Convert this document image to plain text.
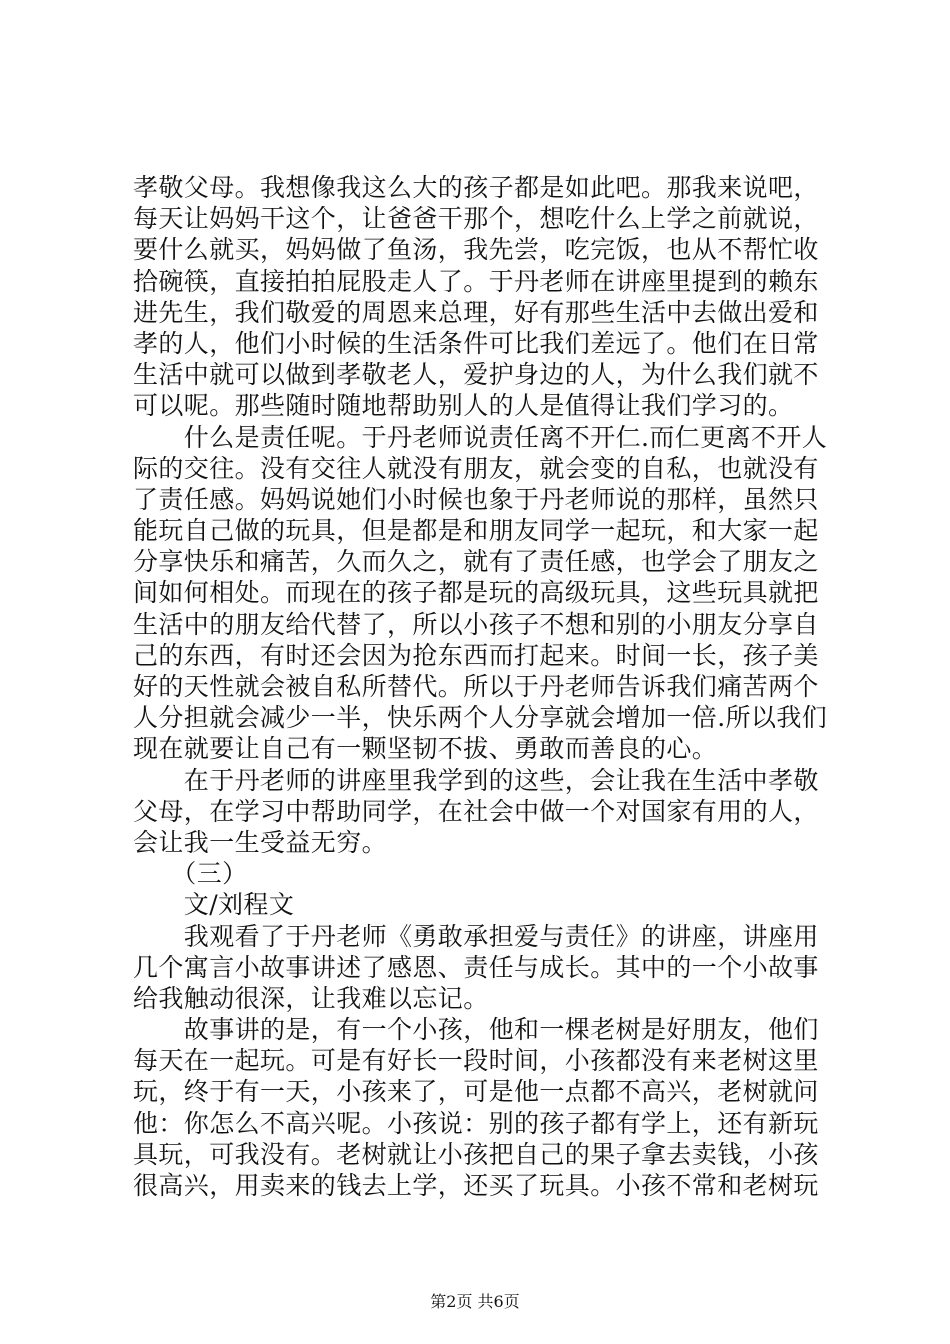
孝敬父母。我想像我这么大的孩子都是如此吧。那我来说吧，
每天让妈妈干这个，让爸爸干那个，想吃什么上学之前就说，
要什么就买，妈妈做了鱼汤，我先尝，吃完饭，也从不帮忙收
拾碗筷，直接拍拍屁股走人了。于丹老师在讲座里提到的赖东
进先生，我们敬爱的周恩来总理，好有那些生活中去做出爱和
孝的人，他们小时候的生活条件可比我们差远了。他们在日常
生活中就可以做到孝敬老人，爱护身边的人，为什么我们就不
可以呢。那些随时随地帮助别人的人是值得让我们学习的。
　　什么是责任呢。于丹老师说责任离不开仁.而仁更离不开人
际的交往。没有交往人就没有朋友，就会变的自私，也就没有
了责任感。妈妈说她们小时候也象于丹老师说的那样，虽然只
能玩自己做的玩具，但是都是和朋友同学一起玩，和大家一起
分享快乐和痛苦，久而久之，就有了责任感，也学会了朋友之
间如何相处。而现在的孩子都是玩的高级玩具，这些玩具就把
生活中的朋友给代替了，所以小孩子不想和别的小朋友分享自
己的东西，有时还会因为抢东西而打起来。时间一长，孩子美
好的天性就会被自私所替代。所以于丹老师告诉我们痛苦两个
人分担就会减少一半，快乐两个人分享就会增加一倍.所以我们
现在就要让自己有一颗坚韧不拔、勇敢而善良的心。
　　在于丹老师的讲座里我学到的这些，会让我在生活中孝敬
父母，在学习中帮助同学，在社会中做一个对国家有用的人，
会让我一生受益无穷。
　　（三）
　　文/刘程文
　　我观看了于丹老师《勇敢承担爱与责任》的讲座，讲座用
几个寓言小故事讲述了感恩、责任与成长。其中的一个小故事
给我触动很深，让我难以忘记。
　　故事讲的是，有一个小孩，他和一棵老树是好朋友，他们
每天在一起玩。可是有好长一段时间，小孩都没有来老树这里
玩，终于有一天，小孩来了，可是他一点都不高兴，老树就问
他：你怎么不高兴呢。小孩说：别的孩子都有学上，还有新玩
具玩，可我没有。老树就让小孩把自己的果子拿去卖钱，小孩
很高兴，用卖来的钱去上学，还买了玩具。小孩不常和老树玩
第2页 共6页
